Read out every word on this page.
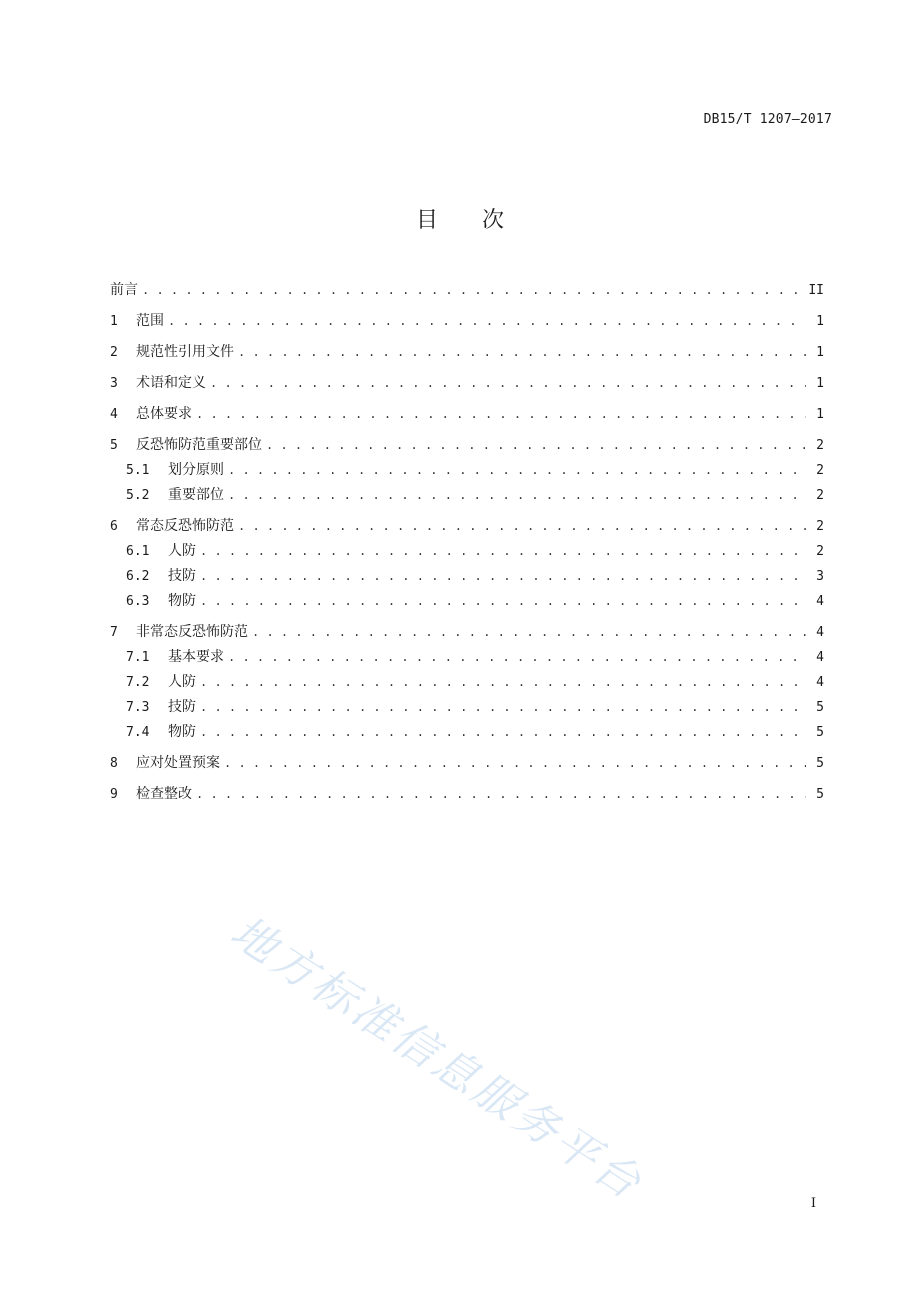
DB15/T 1207—2017
目 次
前言 . . .	II
1	范围 . . .	1
2	规范性引用文件 . . .	1
3	术语和定义 . . .	1
4	总体要求 . . .	1
5	反恐怖防范重要部位 . . .	2
5.1	划分原则 . . .	2
5.2	重要部位 . . .	2
6	常态反恐怖防范 . . .	2
6.1	人防 . . .	2
6.2	技防 . . .	3
6.3	物防 . . .	4
7	非常态反恐怖防范 . . .	4
7.1	基本要求 . . .	4
7.2	人防 . . .	4
7.3	技防 . . .	5
7.4	物防 . . .	5
8	应对处置预案 . . .	5
9	检查整改 . . .	5
地方标准信息服务平台	I
